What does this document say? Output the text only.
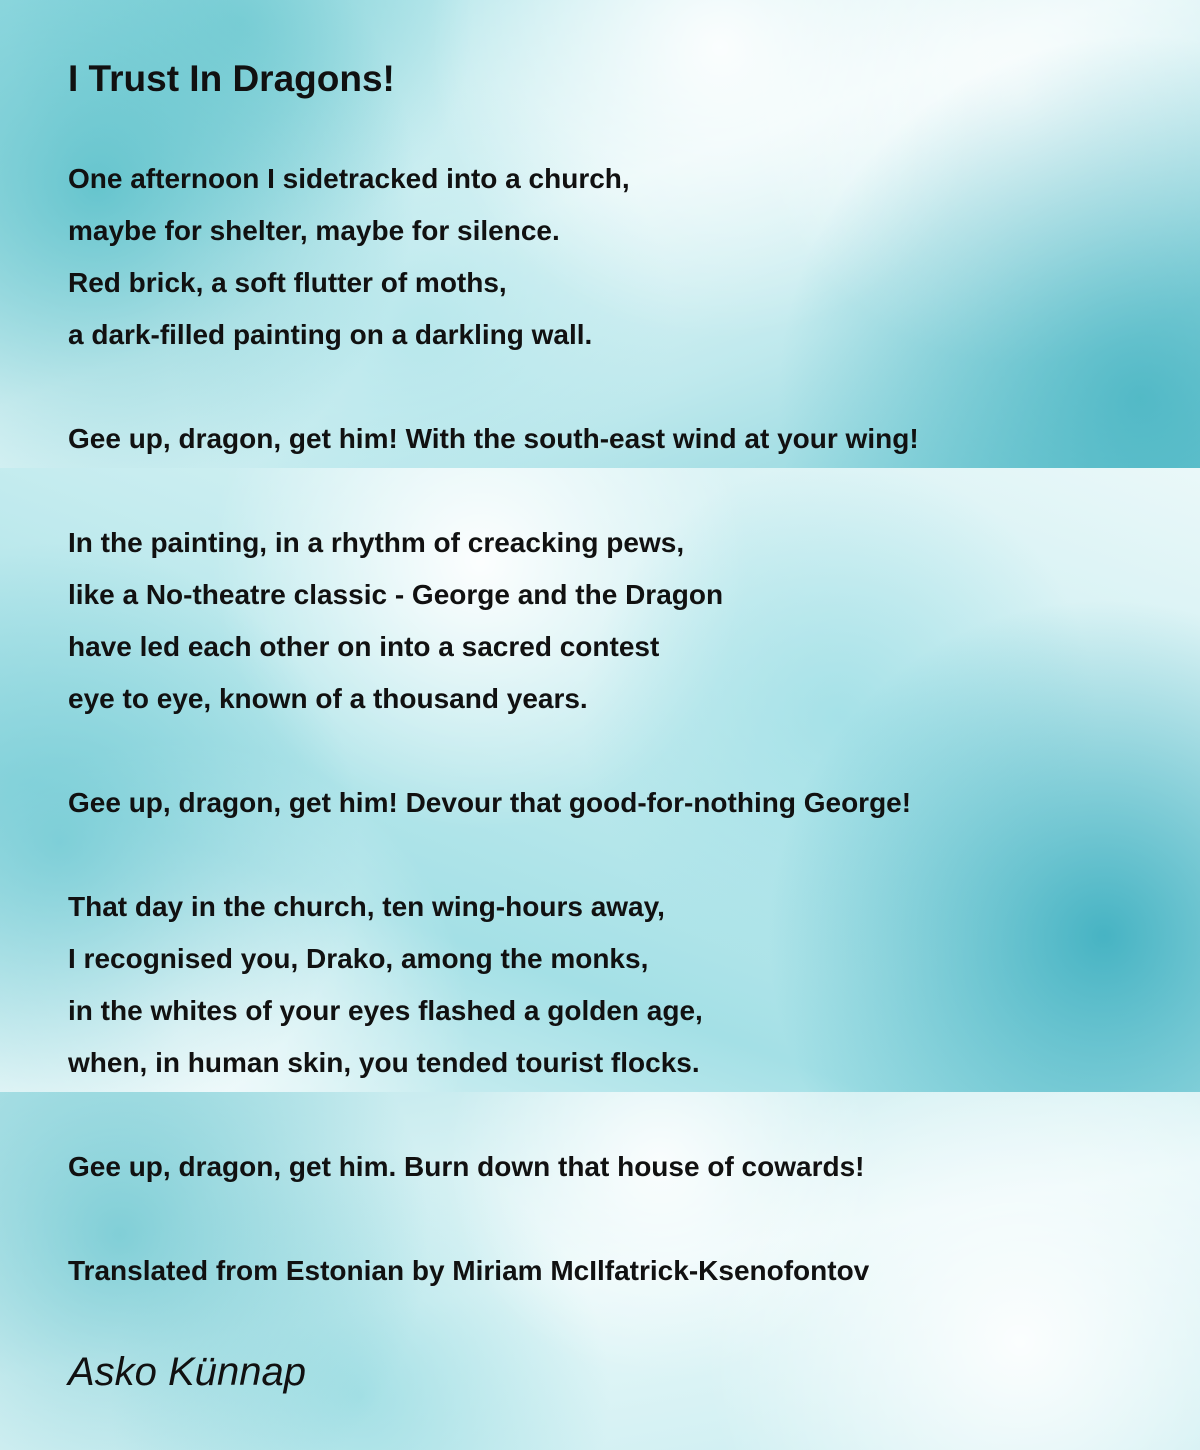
I Trust In Dragons!
One afternoon I sidetracked into a church,
maybe for shelter, maybe for silence.
Red brick, a soft flutter of moths,
a dark-filled painting on a darkling wall.
Gee up, dragon, get him! With the south-east wind at your wing!
In the painting, in a rhythm of creacking pews,
like a No-theatre classic - George and the Dragon
have led each other on into a sacred contest
eye to eye, known of a thousand years.
Gee up, dragon, get him! Devour that good-for-nothing George!
That day in the church, ten wing-hours away,
I recognised you, Drako, among the monks,
in the whites of your eyes flashed a golden age,
when, in human skin, you tended tourist flocks.
Gee up, dragon, get him. Burn down that house of cowards!
Translated from Estonian by Miriam McIlfatrick-Ksenofontov

Asko Künnap
